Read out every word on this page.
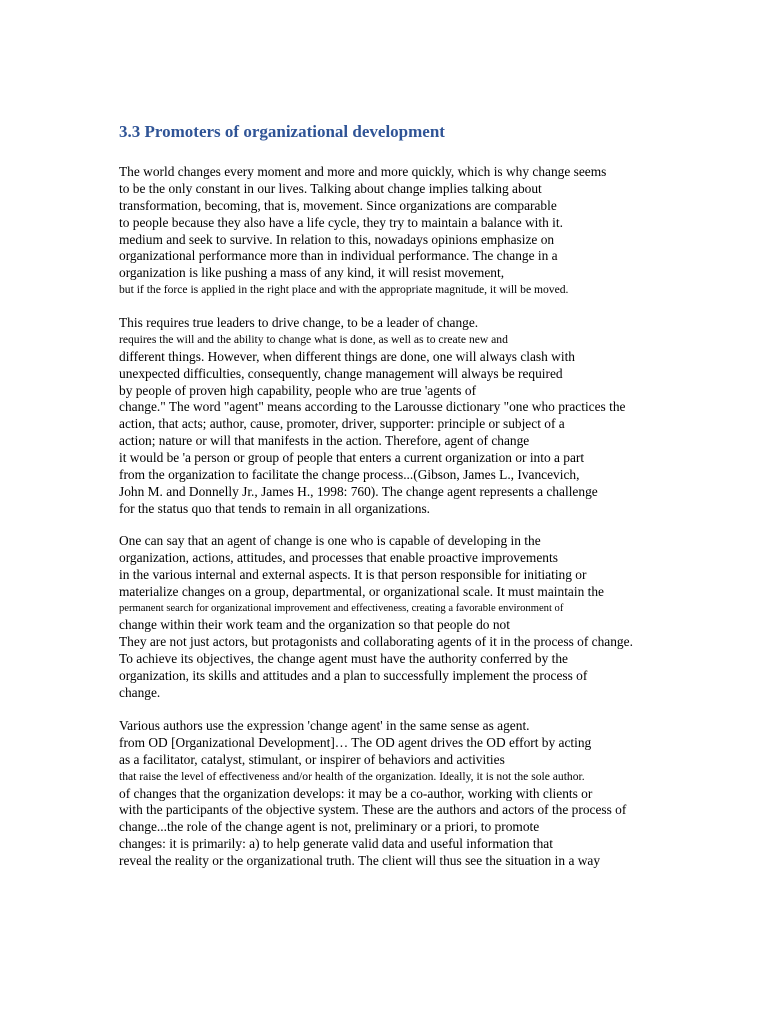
3.3 Promoters of organizational development
The world changes every moment and more and more quickly, which is why change seems
to be the only constant in our lives. Talking about change implies talking about
transformation, becoming, that is, movement. Since organizations are comparable
to people because they also have a life cycle, they try to maintain a balance with it.
medium and seek to survive. In relation to this, nowadays opinions emphasize on
organizational performance more than in individual performance. The change in a
organization is like pushing a mass of any kind, it will resist movement,
but if the force is applied in the right place and with the appropriate magnitude, it will be moved.
This requires true leaders to drive change, to be a leader of change.
requires the will and the ability to change what is done, as well as to create new and
different things. However, when different things are done, one will always clash with
unexpected difficulties, consequently, change management will always be required
by people of proven high capability, people who are true 'agents of
change." The word "agent" means according to the Larousse dictionary "one who practices the
action, that acts; author, cause, promoter, driver, supporter: principle or subject of a
action; nature or will that manifests in the action. Therefore, agent of change
it would be 'a person or group of people that enters a current organization or into a part
from the organization to facilitate the change process...(Gibson, James L., Ivancevich,
John M. and Donnelly Jr., James H., 1998: 760). The change agent represents a challenge
for the status quo that tends to remain in all organizations.
One can say that an agent of change is one who is capable of developing in the
organization, actions, attitudes, and processes that enable proactive improvements
in the various internal and external aspects. It is that person responsible for initiating or
materialize changes on a group, departmental, or organizational scale. It must maintain the
permanent search for organizational improvement and effectiveness, creating a favorable environment of
change within their work team and the organization so that people do not
They are not just actors, but protagonists and collaborating agents of it in the process of change.
To achieve its objectives, the change agent must have the authority conferred by the
organization, its skills and attitudes and a plan to successfully implement the process of
change.
Various authors use the expression 'change agent' in the same sense as agent.
from OD [Organizational Development]… The OD agent drives the OD effort by acting
as a facilitator, catalyst, stimulant, or inspirer of behaviors and activities
that raise the level of effectiveness and/or health of the organization. Ideally, it is not the sole author.
of changes that the organization develops: it may be a co-author, working with clients or
with the participants of the objective system. These are the authors and actors of the process of
change...the role of the change agent is not, preliminary or a priori, to promote
changes: it is primarily: a) to help generate valid data and useful information that
reveal the reality or the organizational truth. The client will thus see the situation in a way
